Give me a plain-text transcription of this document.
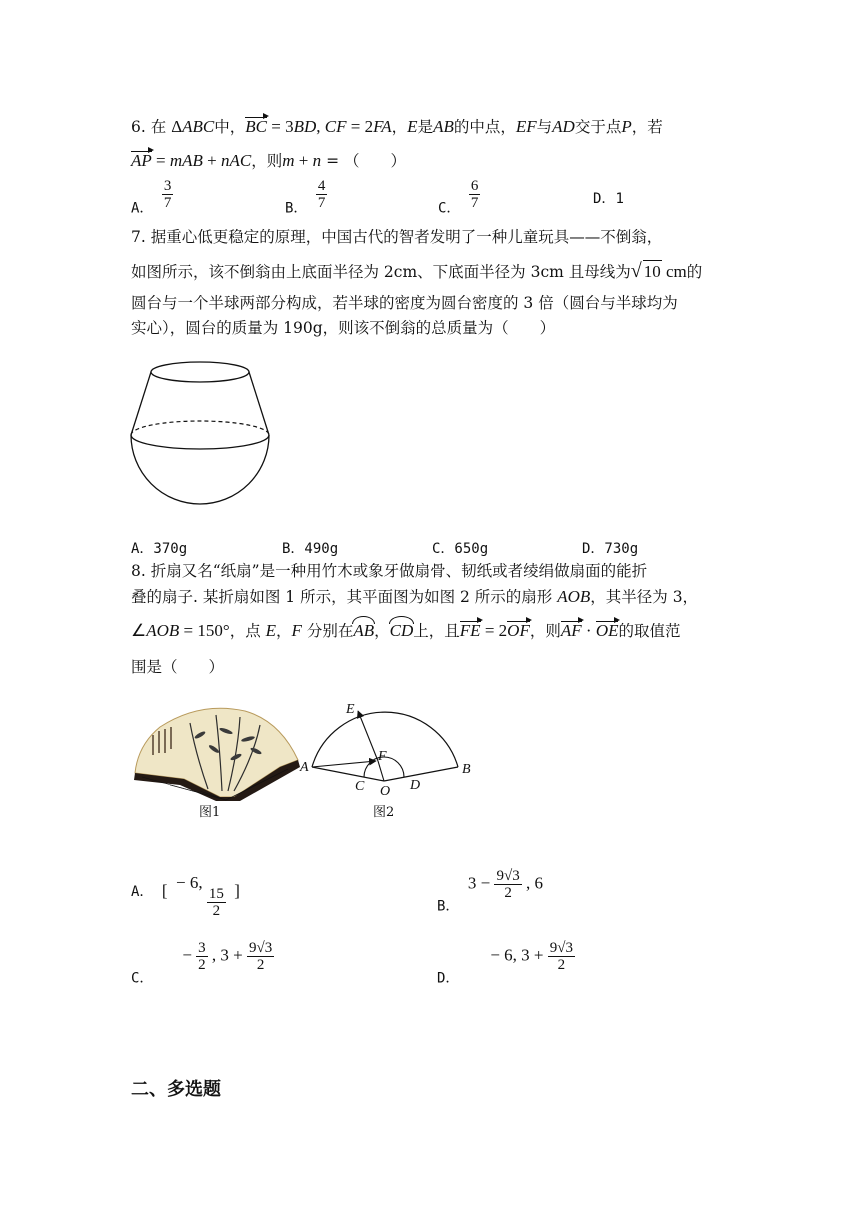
6. 在 ΔABC中，BC = 3BD, CF = 2FA，E是AB的中点，EF与AD交于点P，若
AP = mAB + nAC，则m + n = （　　）
A． $\frac{3}{7}$	B． $\frac{4}{7}$	C． $\frac{6}{7}$	D．1
7. 据重心低更稳定的原理，中国古代的智者发明了一种儿童玩具——不倒翁，
如图所示，该不倒翁由上底面半径为 2cm、下底面半径为 3cm 且母线为√ 10 cm的
圆台与一个半球两部分构成，若半球的密度为圆台密度的 3 倍（圆台与半球均为
实心），圆台的质量为 190g，则该不倒翁的总质量为（　　）
A．370g	B．490g	C．650g	D．730g
8. 折扇又名“纸扇”是一种用竹木或象牙做扇骨、韧纸或者绫绢做扇面的能折
叠的扇子. 某折扇如图 1 所示，其平面图为如图 2 所示的扇形 AOB，其半径为 3，
∠AOB = 150°，点 E，F 分别在AB，CD上，且FE = 2OF，则AF · OE的取值范
围是（　　）
图1
E
F
A	B
C O D
图2
A． [ − 6,
$\frac{15}{2}$ ]
B． $3 - \frac{9√3}{2}$ , 6
C．  − $\frac{3}{2}$ , $3 + \frac{9√3}{2}$
D．  − 6, $3 + \frac{9√3}{2}$
二、多选题
